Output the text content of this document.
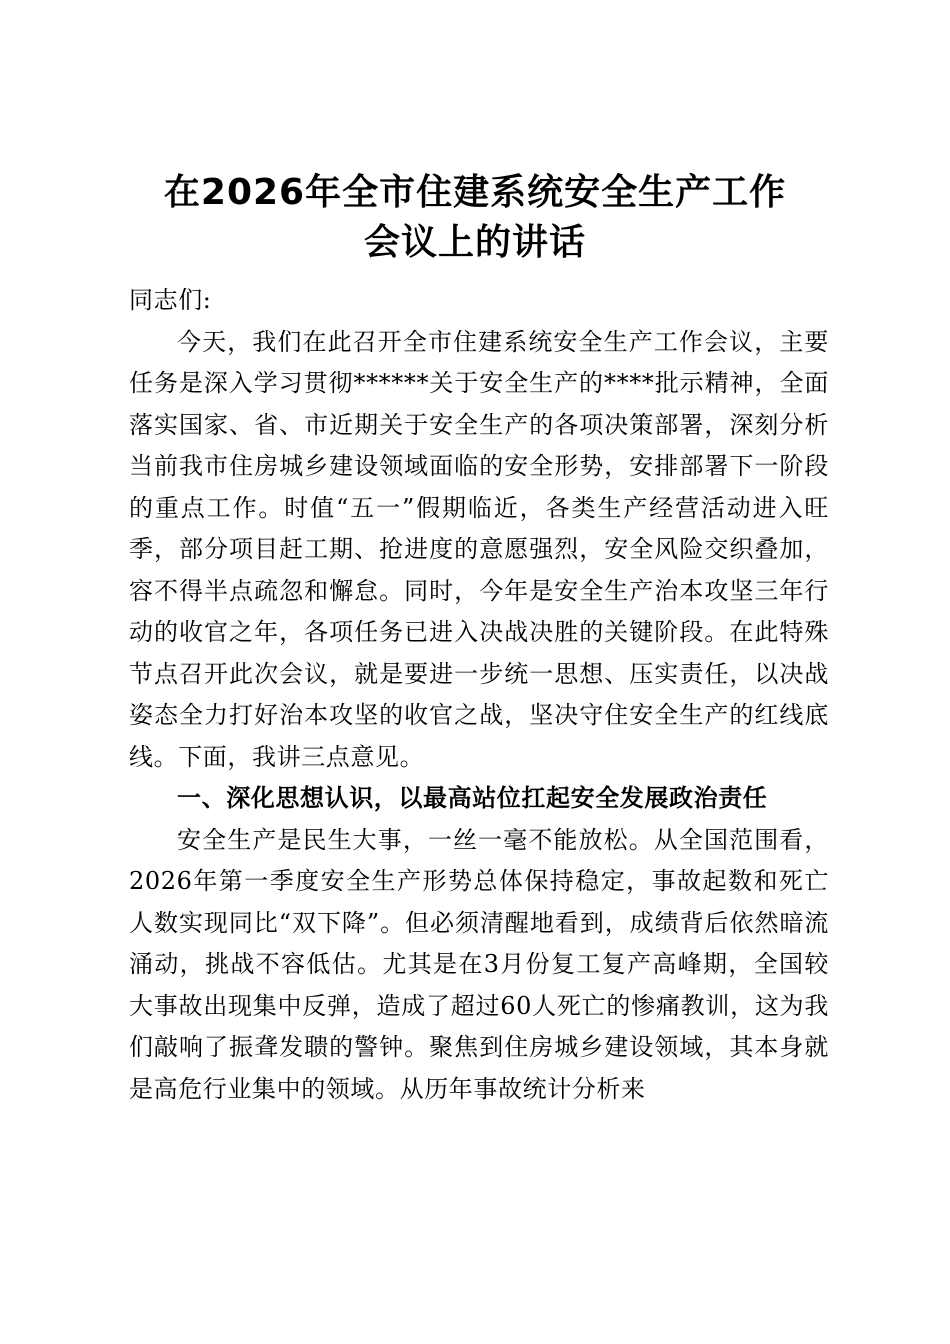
在2026年全市住建系统安全生产工作
会议上的讲话

同志们:

今天，我们在此召开全市住建系统安全生产工作会议，主要任务是深入学习贯彻******关于安全生产的****批示精神，全面落实国家、省、市近期关于安全生产的各项决策部署，深刻分析当前我市住房城乡建设领域面临的安全形势，安排部署下一阶段的重点工作。时值“五一”假期临近，各类生产经营活动进入旺季，部分项目赶工期、抢进度的意愿强烈，安全风险交织叠加，容不得半点疏忽和懈怠。同时，今年是安全生产治本攻坚三年行动的收官之年，各项任务已进入决战决胜的关键阶段。在此特殊节点召开此次会议，就是要进一步统一思想、压实责任，以决战姿态全力打好治本攻坚的收官之战，坚决守住安全生产的红线底线。下面，我讲三点意见。

一、深化思想认识，以最高站位扛起安全发展政治责任

安全生产是民生大事，一丝一毫不能放松。从全国范围看，2026年第一季度安全生产形势总体保持稳定，事故起数和死亡人数实现同比“双下降”。但必须清醒地看到，成绩背后依然暗流涌动，挑战不容低估。尤其是在3月份复工复产高峰期，全国较大事故出现集中反弹，造成了超过60人死亡的惨痛教训，这为我们敲响了振聋发聩的警钟。聚焦到住房城乡建设领域，其本身就是高危行业集中的领域。从历年事故统计分析来
